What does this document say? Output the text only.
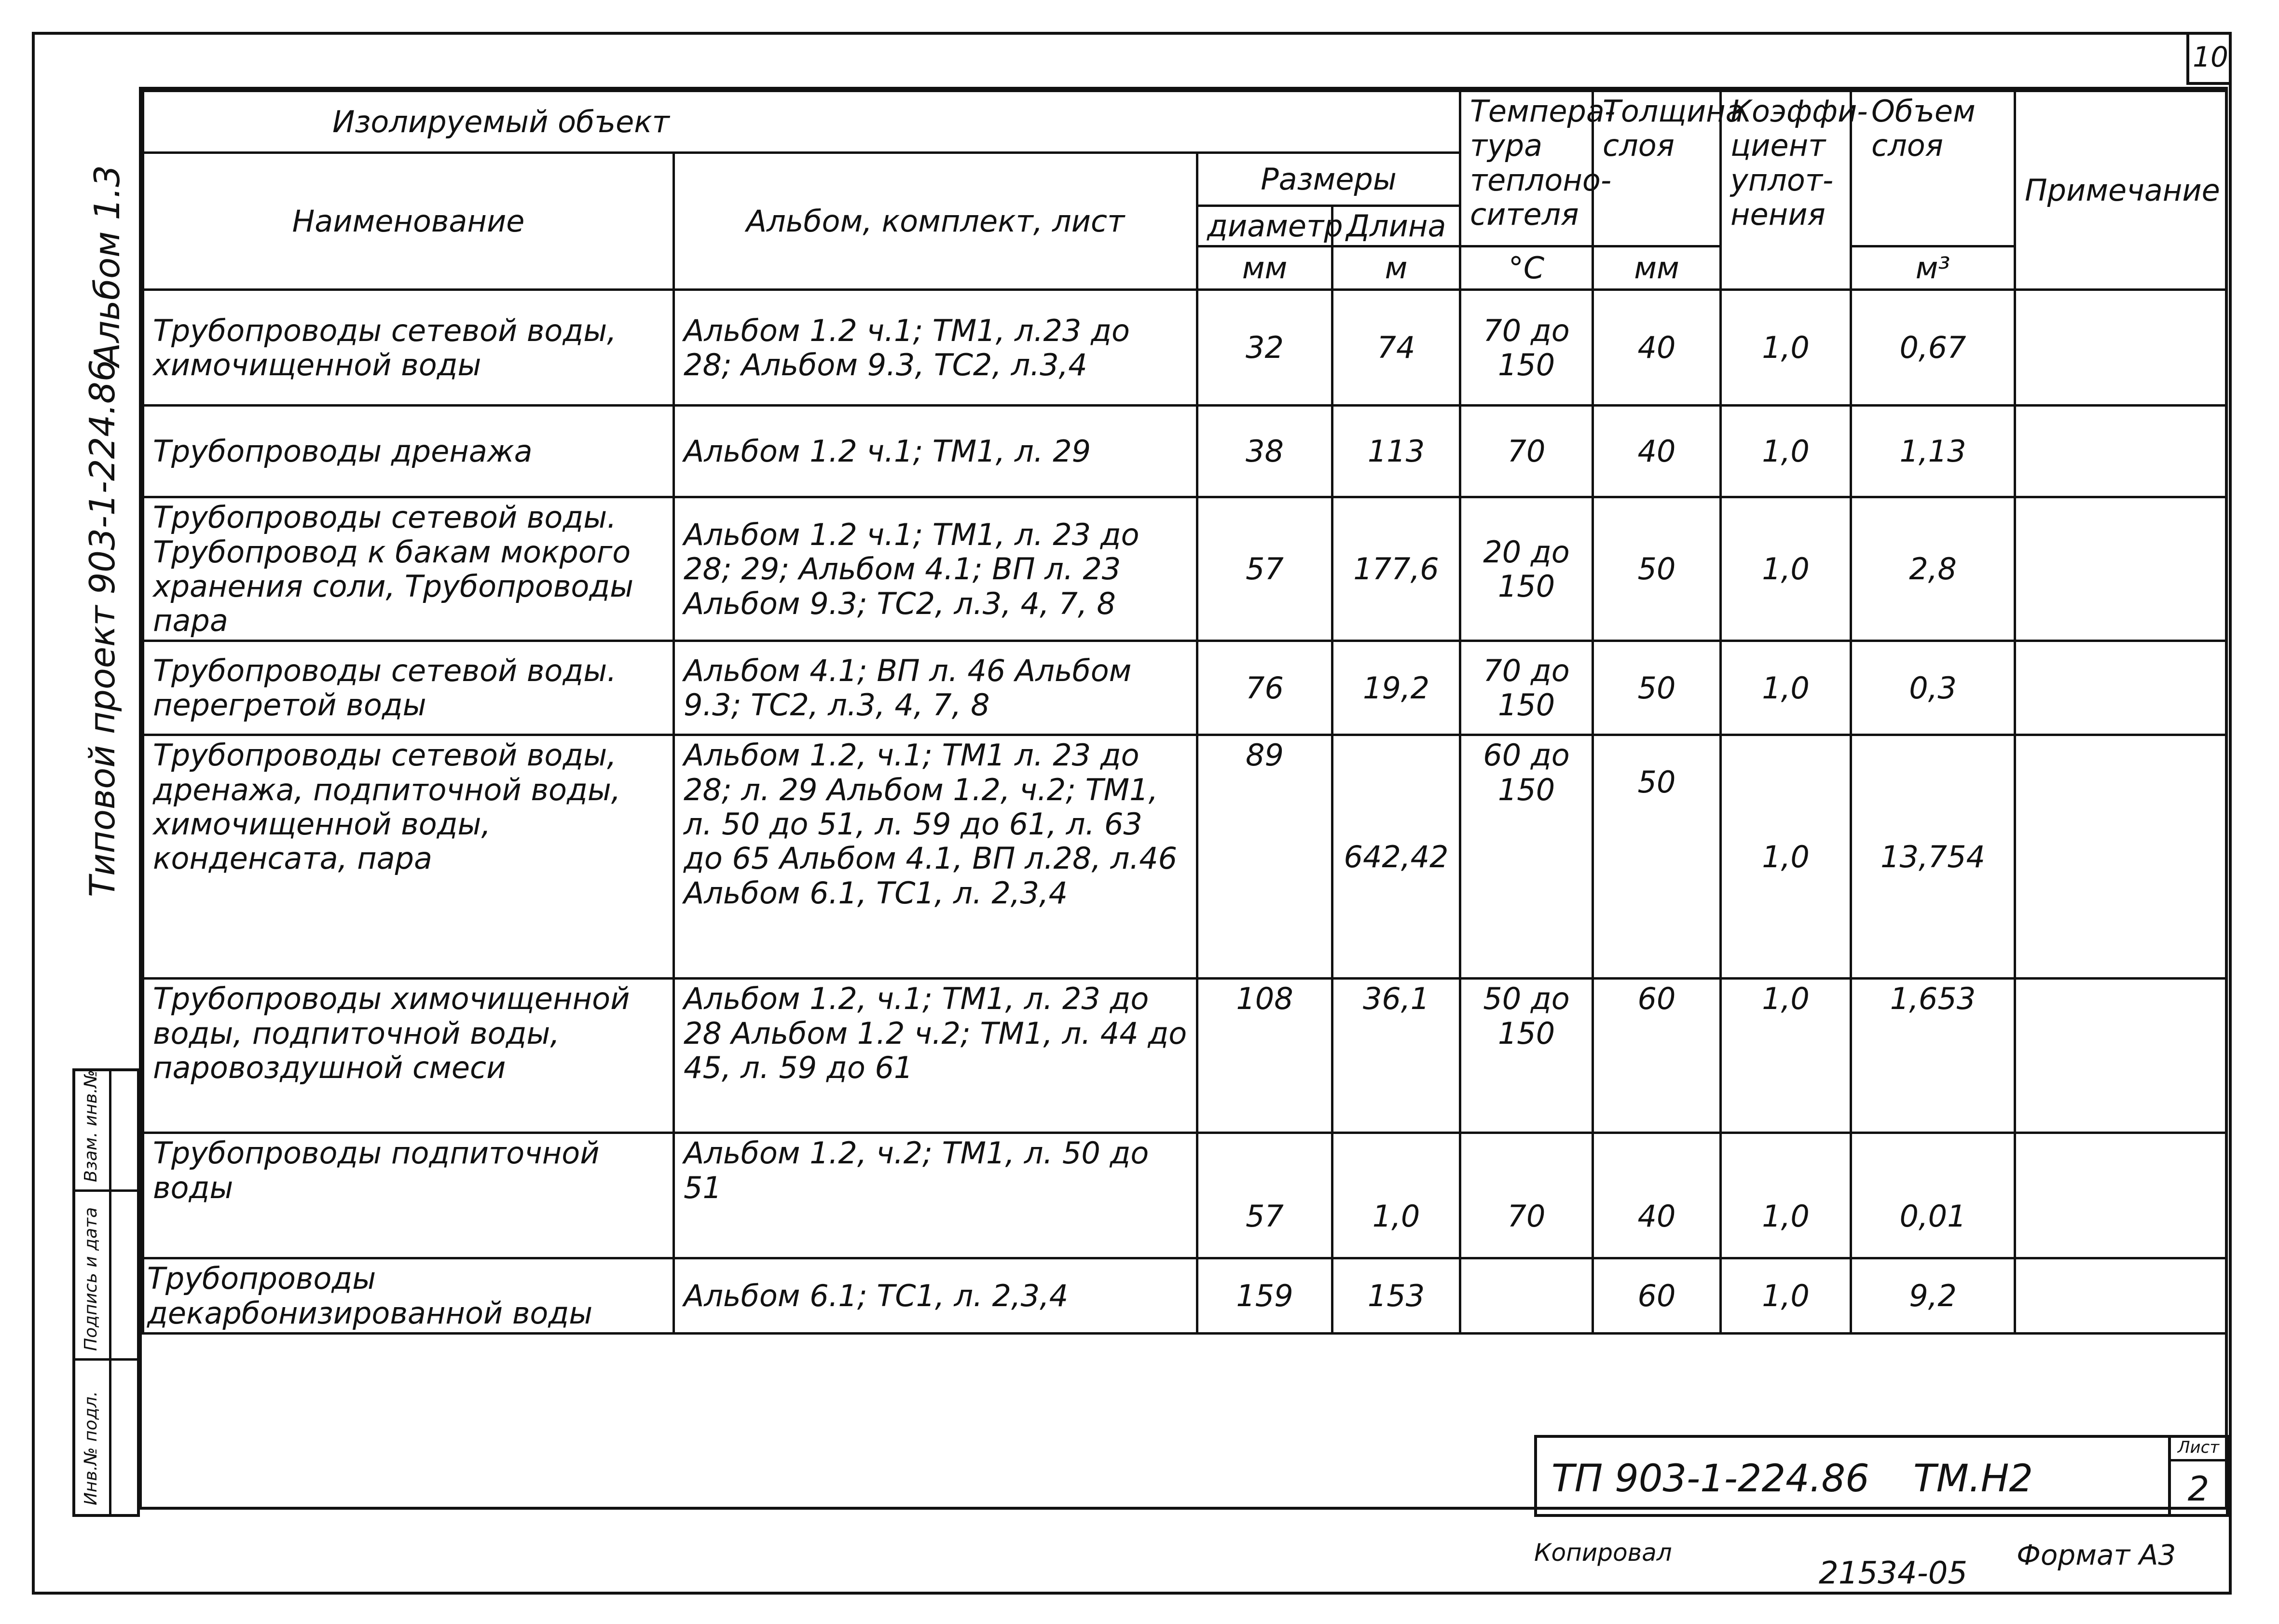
10
Типовой проект 903-1-224.86
Альбом 1.3
Взам. инв.№
Подпись и дата
Инв.№ подл.
Изолируемый объект				Темпера-тура теплоно-сителя	Толщина слоя	Коэффи-циент уплот-нения	Объем слоя	Примечание
Наименование	Альбом, комплект, лист	Размеры						
		диаметр	Длина					
		мм	м	°С	мм		м³	
Трубопроводы сетевой воды, химочищенной воды	Альбом 1.2 ч.1; ТМ1, л.23 до 28; Альбом 9.3, ТС2, л.3,4	32	74	70 до 150	40	1,0	0,67	
Трубопроводы дренажа	Альбом 1.2 ч.1; ТМ1, л. 29	38	113	70	40	1,0	1,13	
Трубопроводы сетевой воды. Трубопровод к бакам мокрого хранения соли, Трубопроводы пара	Альбом 1.2 ч.1; ТМ1, л. 23 до 28; 29; Альбом 4.1; ВП л. 23 Альбом 9.3; ТС2, л.3, 4, 7, 8	57	177,6	20 до 150	50	1,0	2,8	
Трубопроводы сетевой воды. перегретой воды	Альбом 4.1; ВП л. 46 Альбом 9.3; ТС2, л.3, 4, 7, 8	76	19,2	70 до 150	50	1,0	0,3	
Трубопроводы сетевой воды, дренажа, подпиточной воды, химочищенной воды, конденсата, пара	Альбом 1.2, ч.1; ТМ1 л. 23 до 28; л. 29 Альбом 1.2, ч.2; ТМ1, л. 50 до 51, л. 59 до 61, л. 63 до 65 Альбом 4.1, ВП л.28, л.46 Альбом 6.1, ТС1, л. 2,3,4	89	642,42	60 до 150	50	1,0	13,754	
Трубопроводы химочищенной воды, подпиточной воды, паровоздушной смеси	Альбом 1.2, ч.1; ТМ1, л. 23 до 28 Альбом 1.2 ч.2; ТМ1, л. 44 до 45, л. 59 до 61	108	36,1	50 до 150	60	1,0	1,653	
Трубопроводы подпиточной воды	Альбом 1.2, ч.2; ТМ1, л. 50 до 51	57	1,0	70	40	1,0	0,01	
Трубопроводы декарбонизированной воды	Альбом 6.1; ТС1, л. 2,3,4	159	153		60	1,0	9,2	
ТП 903-1-224.86 ТМ.Н2
Лист
2
Копировал
21534-05
Формат А3
